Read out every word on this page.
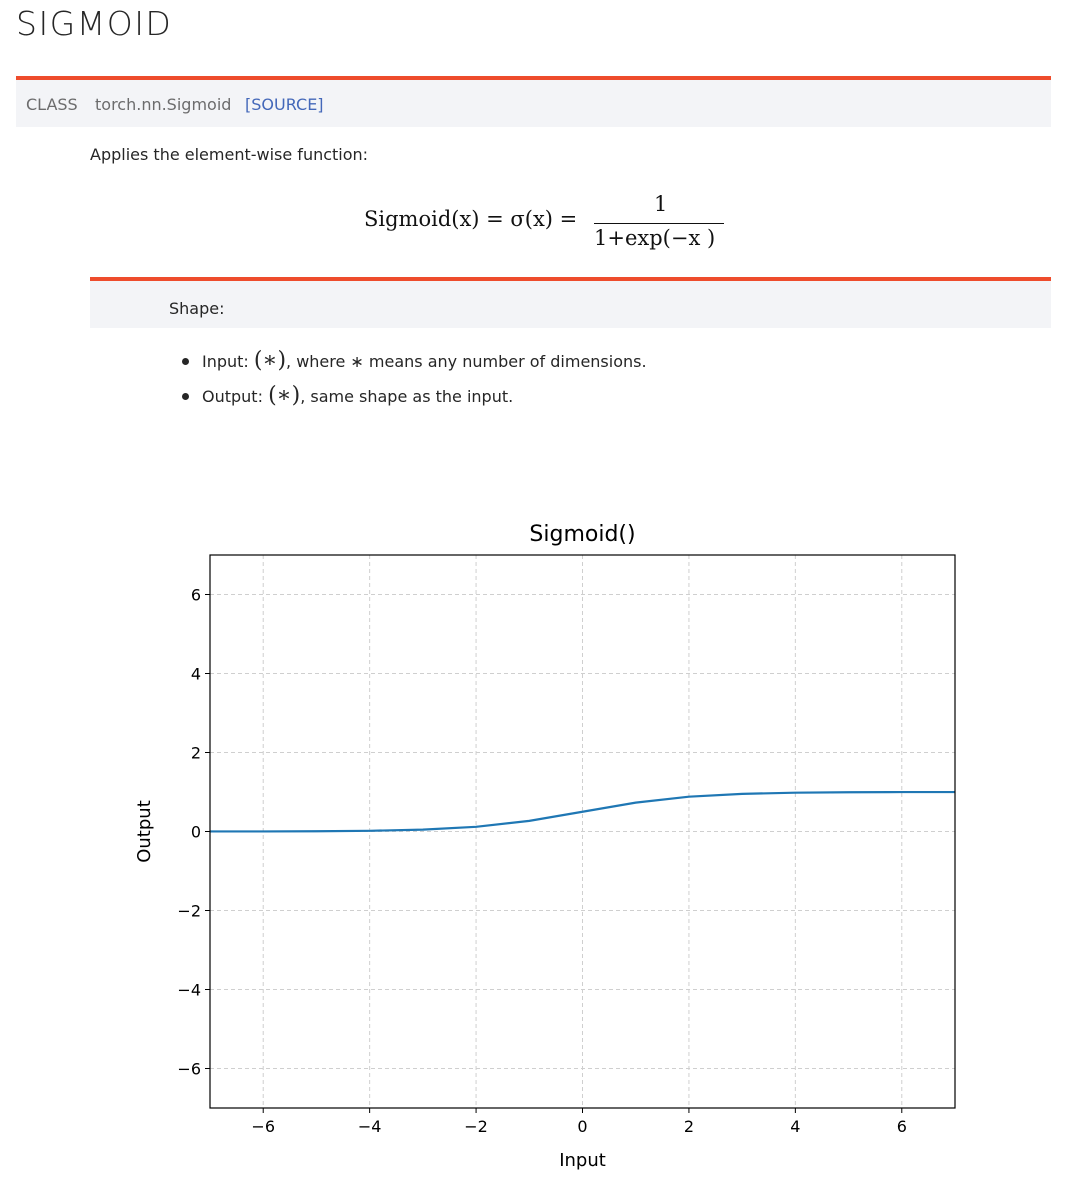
SIGMOID
CLASS torch.nn.Sigmoid [SOURCE]
Applies the element-wise function:
Sigmoid(x) = σ(x) =
1
1+exp(−x )
Shape:
Input: (∗), where ∗ means any number of dimensions.
Output: (∗), same shape as the input.
−6	−4	−2	0	2	4	6
−6
−4
−2
0
2
4
6
Sigmoid()
Input
Output
